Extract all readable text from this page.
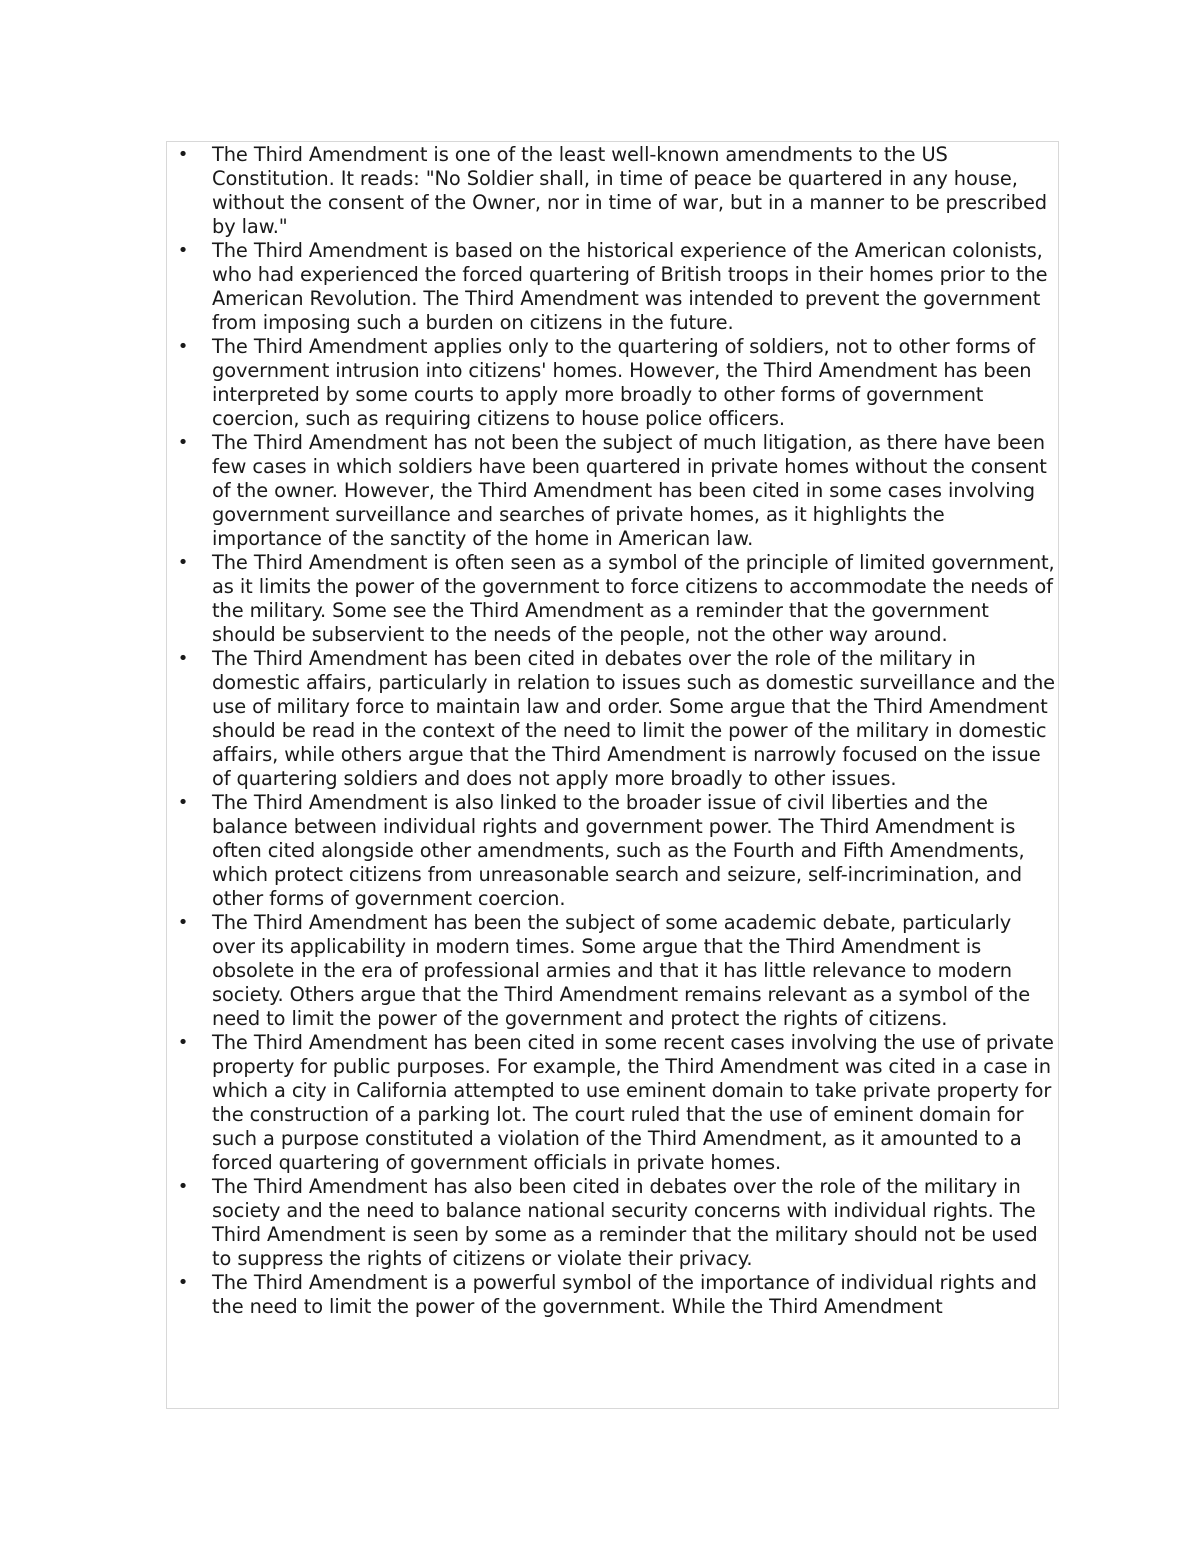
• The Third Amendment is one of the least well-known amendments to the US Constitution. It reads: "No Soldier shall, in time of peace be quartered in any house, without the consent of the Owner, nor in time of war, but in a manner to be prescribed by law."
• The Third Amendment is based on the historical experience of the American colonists, who had experienced the forced quartering of British troops in their homes prior to the American Revolution. The Third Amendment was intended to prevent the government from imposing such a burden on citizens in the future.
• The Third Amendment applies only to the quartering of soldiers, not to other forms of government intrusion into citizens' homes. However, the Third Amendment has been interpreted by some courts to apply more broadly to other forms of government coercion, such as requiring citizens to house police officers.
• The Third Amendment has not been the subject of much litigation, as there have been few cases in which soldiers have been quartered in private homes without the consent of the owner. However, the Third Amendment has been cited in some cases involving government surveillance and searches of private homes, as it highlights the importance of the sanctity of the home in American law.
• The Third Amendment is often seen as a symbol of the principle of limited government, as it limits the power of the government to force citizens to accommodate the needs of the military. Some see the Third Amendment as a reminder that the government should be subservient to the needs of the people, not the other way around.
• The Third Amendment has been cited in debates over the role of the military in domestic affairs, particularly in relation to issues such as domestic surveillance and the use of military force to maintain law and order. Some argue that the Third Amendment should be read in the context of the need to limit the power of the military in domestic affairs, while others argue that the Third Amendment is narrowly focused on the issue of quartering soldiers and does not apply more broadly to other issues.
• The Third Amendment is also linked to the broader issue of civil liberties and the balance between individual rights and government power. The Third Amendment is often cited alongside other amendments, such as the Fourth and Fifth Amendments, which protect citizens from unreasonable search and seizure, self-incrimination, and other forms of government coercion.
• The Third Amendment has been the subject of some academic debate, particularly over its applicability in modern times. Some argue that the Third Amendment is obsolete in the era of professional armies and that it has little relevance to modern society. Others argue that the Third Amendment remains relevant as a symbol of the need to limit the power of the government and protect the rights of citizens.
• The Third Amendment has been cited in some recent cases involving the use of private property for public purposes. For example, the Third Amendment was cited in a case in which a city in California attempted to use eminent domain to take private property for the construction of a parking lot. The court ruled that the use of eminent domain for such a purpose constituted a violation of the Third Amendment, as it amounted to a forced quartering of government officials in private homes.
• The Third Amendment has also been cited in debates over the role of the military in society and the need to balance national security concerns with individual rights. The Third Amendment is seen by some as a reminder that the military should not be used to suppress the rights of citizens or violate their privacy.
• The Third Amendment is a powerful symbol of the importance of individual rights and the need to limit the power of the government. While the Third Amendment
